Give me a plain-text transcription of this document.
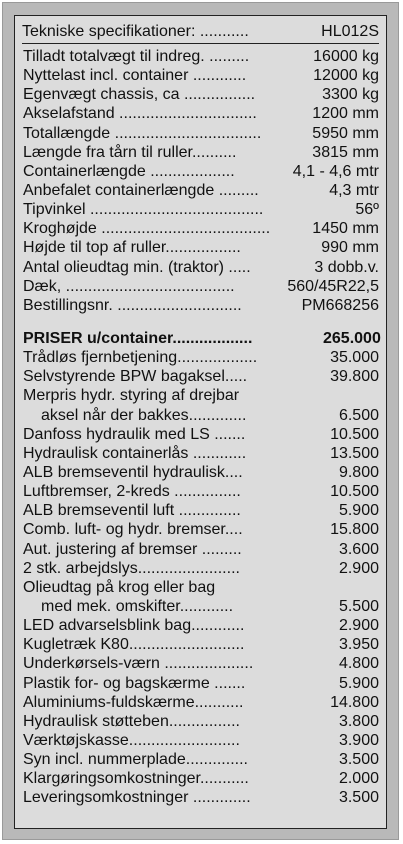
Tekniske specifikationer: ...........	HL012S
Tilladt totalvægt til indreg. .........	16000 kg
Nyttelast incl. container ............	12000 kg
Egenvægt chassis, ca ................	3300 kg
Akselafstand ...............................	1200 mm
Totallængde .................................	5950 mm
Længde fra tårn til ruller..........	3815 mm
Containerlængde ...................	4,1 - 4,6 mtr
Anbefalet containerlængde .........	4,3 mtr
Tipvinkel .......................................	56º
Kroghøjde ......................................	1450 mm
Højde til top af ruller.................	990 mm
Antal olieudtag min. (traktor) .....	3 dobb.v.
Dæk, ......................................	560/45R22,5
Bestillingsnr. ............................	PM668256
PRISER u/container..................	265.000
Trådløs fjernbetjening..................	35.000
Selvstyrende BPW bagaksel.....	39.800
Merpris hydr. styring af drejbar
aksel når der bakkes.............	6.500
Danfoss hydraulik med LS .......	10.500
Hydraulisk containerlås ............	13.500
ALB bremseventil hydraulisk....	9.800
Luftbremser, 2-kreds ...............	10.500
ALB bremseventil luft ..............	5.900
Comb. luft- og hydr. bremser....	15.800
Aut. justering af bremser .........	3.600
2 stk. arbejdslys.......................	2.900
Olieudtag på krog eller bag
med mek. omskifter............	5.500
LED advarselsblink bag............	2.900
Kugletræk K80..........................	3.950
Underkørsels-værn ....................	4.800
Plastik for- og bagskærme .......	5.900
Aluminiums-fuldskærme...........	14.800
Hydraulisk støtteben................	3.800
Værktøjskasse.........................	3.900
Syn incl. nummerplade..............	3.500
Klargøringsomkostninger...........	2.000
Leveringsomkostninger .............	3.500
